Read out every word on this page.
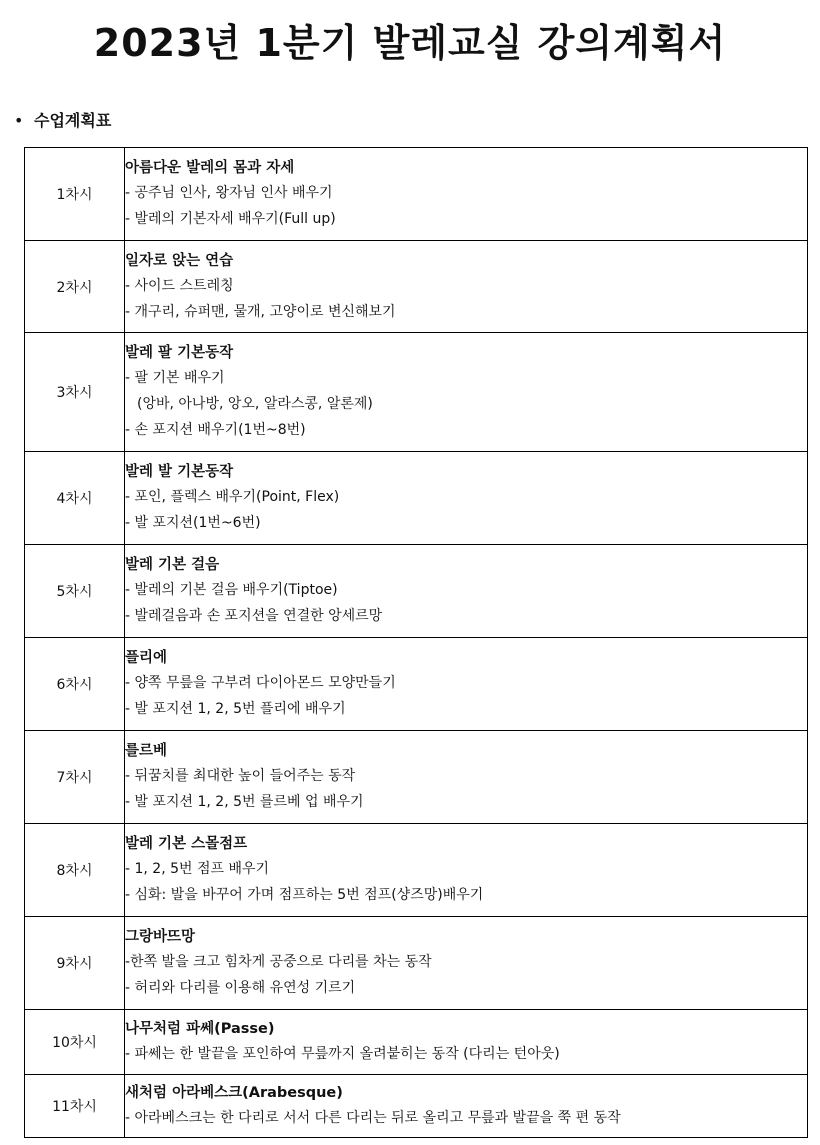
2023년 1분기 발레교실 강의계획서
• 수업계획표
1차시	아름다운 발레의 몸과 자세
- 공주님 인사, 왕자님 인사 배우기
- 발레의 기본자세 배우기(Full up)

2차시	일자로 앉는 연습
- 사이드 스트레칭
- 개구리, 슈퍼맨, 물개, 고양이로 변신해보기

3차시	발레 팔 기본동작
- 팔 기본 배우기
(앙바, 아나방, 앙오, 알라스콩, 알론제)
- 손 포지션 배우기(1번~8번)

4차시	발레 발 기본동작
- 포인, 플렉스 배우기(Point, Flex)
- 발 포지션(1번~6번)

5차시	발레 기본 걸음
- 발레의 기본 걸음 배우기(Tiptoe)
- 발레걸음과 손 포지션을 연결한 앙세르망

6차시	플리에
- 양쪽 무릎을 구부려 다이아몬드 모양만들기
- 발 포지션 1, 2, 5번 플리에 배우기

7차시	를르베
- 뒤꿈치를 최대한 높이 들어주는 동작
- 발 포지션 1, 2, 5번 를르베 업 배우기

8차시	발레 기본 스몰점프
- 1, 2, 5번 점프 배우기
- 심화: 발을 바꾸어 가며 점프하는 5번 점프(샹즈망)배우기

9차시	그랑바뜨망
-한쪽 발을 크고 힘차게 공중으로 다리를 차는 동작
- 허리와 다리를 이용해 유연성 기르기

10차시	나무처럼 파쎄(Passe)
- 파쎄는 한 발끝을 포인하여 무릎까지 올려붙히는 동작 (다리는 턴아웃)

11차시	새처럼 아라베스크(Arabesque)
- 아라베스크는 한 다리로 서서 다른 다리는 뒤로 올리고 무릎과 발끝을 쭉 편 동작
